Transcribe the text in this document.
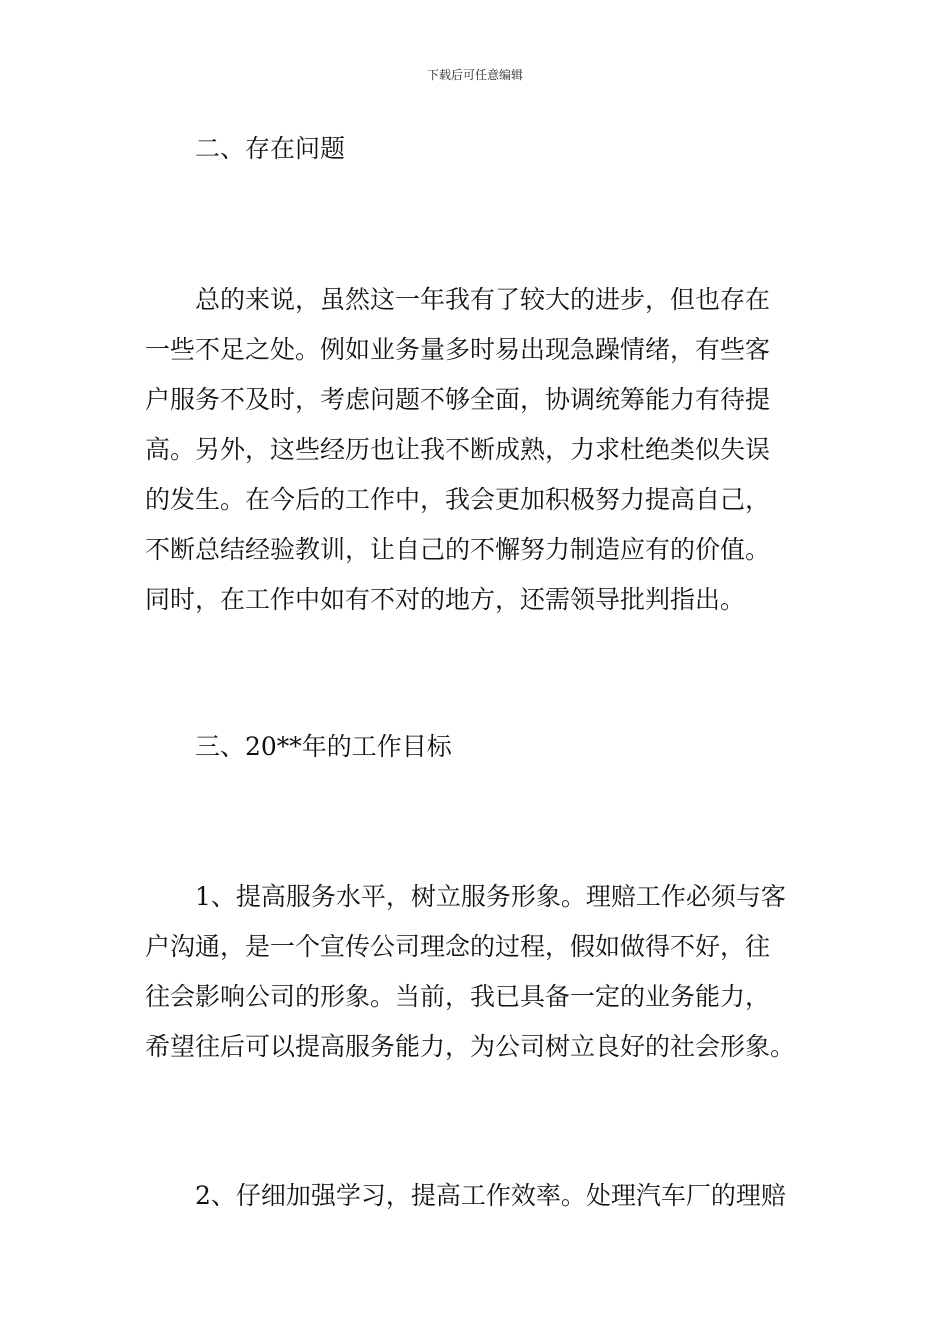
下载后可任意编辑
二、存在问题
总的来说，虽然这一年我有了较大的进步，但也存在
一些不足之处。例如业务量多时易出现急躁情绪，有些客
户服务不及时，考虑问题不够全面，协调统筹能力有待提
高。另外，这些经历也让我不断成熟，力求杜绝类似失误
的发生。在今后的工作中，我会更加积极努力提高自己，
不断总结经验教训，让自己的不懈努力制造应有的价值。
同时，在工作中如有不对的地方，还需领导批判指出。
三、20**年的工作目标
1、提高服务水平，树立服务形象。理赔工作必须与客
户沟通，是一个宣传公司理念的过程，假如做得不好，往
往会影响公司的形象。当前，我已具备一定的业务能力，
希望往后可以提高服务能力，为公司树立良好的社会形象。
2、仔细加强学习，提高工作效率。处理汽车厂的理赔
